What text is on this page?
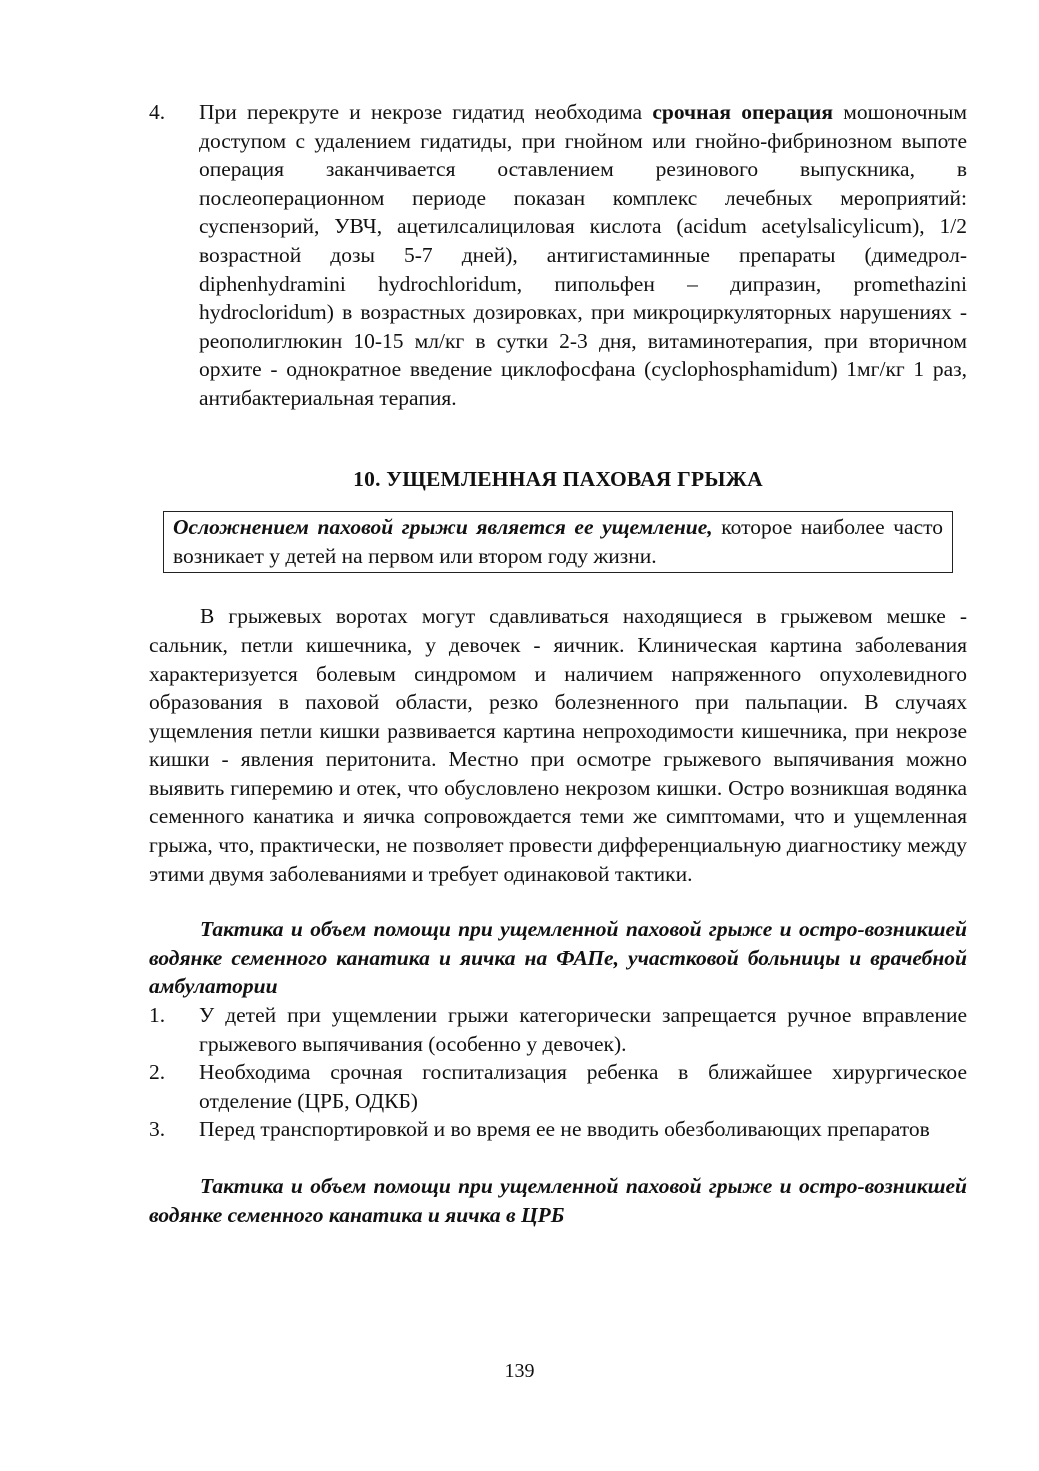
4.	При перекруте и некрозе гидатид необходима срочная операция мошоночным доступом с удалением гидатиды, при гнойном или гнойно-фибринозном выпоте операция заканчивается оставлением резинового выпускника, в послеоперационном периоде показан комплекс лечебных мероприятий: суспензорий, УВЧ, ацетилсалициловая кислота (acidum acetylsalicylicum), 1/2 возрастной дозы 5-7 дней), антигистаминные препараты (димедрол-diphenhydramini hydrochloridum, пипольфен – дипразин, promethazini hydrocloridum) в возрастных дозировках, при микроциркуляторных нарушениях - реополиглюкин 10-15 мл/кг в сутки 2-3 дня, витаминотерапия, при вторичном орхите - однократное введение циклофосфана (cyclophosphamidum) 1мг/кг 1 раз, антибактериальная терапия.
10. УЩЕМЛЕННАЯ ПАХОВАЯ ГРЫЖА
Осложнением паховой грыжи является ее ущемление, которое наиболее часто возникает у детей на первом или втором году жизни.
В грыжевых воротах могут сдавливаться находящиеся в грыжевом мешке - сальник, петли кишечника, у девочек - яичник. Клиническая картина заболевания характеризуется болевым синдромом и наличием напряженного опухолевидного образования в паховой области, резко болезненного при пальпации. В случаях ущемления петли кишки развивается картина непроходимости кишечника, при некрозе кишки - явления перитонита. Местно при осмотре грыжевого выпячивания можно выявить гиперемию и отек, что обусловлено некрозом кишки. Остро возникшая водянка семенного канатика и яичка сопровождается теми же симптомами, что и ущемленная грыжа, что, практически, не позволяет провести дифференциальную диагностику между этими двумя заболеваниями и требует одинаковой тактики.
Тактика и объем помощи при ущемленной паховой грыже и остро-возникшей водянке семенного канатика и яичка на ФАПе, участковой больницы и врачебной амбулатории
1.	У детей при ущемлении грыжи категорически запрещается ручное вправление грыжевого выпячивания (особенно у девочек).
2.	Необходима срочная госпитализация ребенка в ближайшее хирургическое отделение (ЦРБ, ОДКБ)
3.	Перед транспортировкой и во время ее не вводить обезболивающих препаратов
Тактика и объем помощи при ущемленной паховой грыже и остро-возникшей водянке семенного канатика и яичка в ЦРБ
139
